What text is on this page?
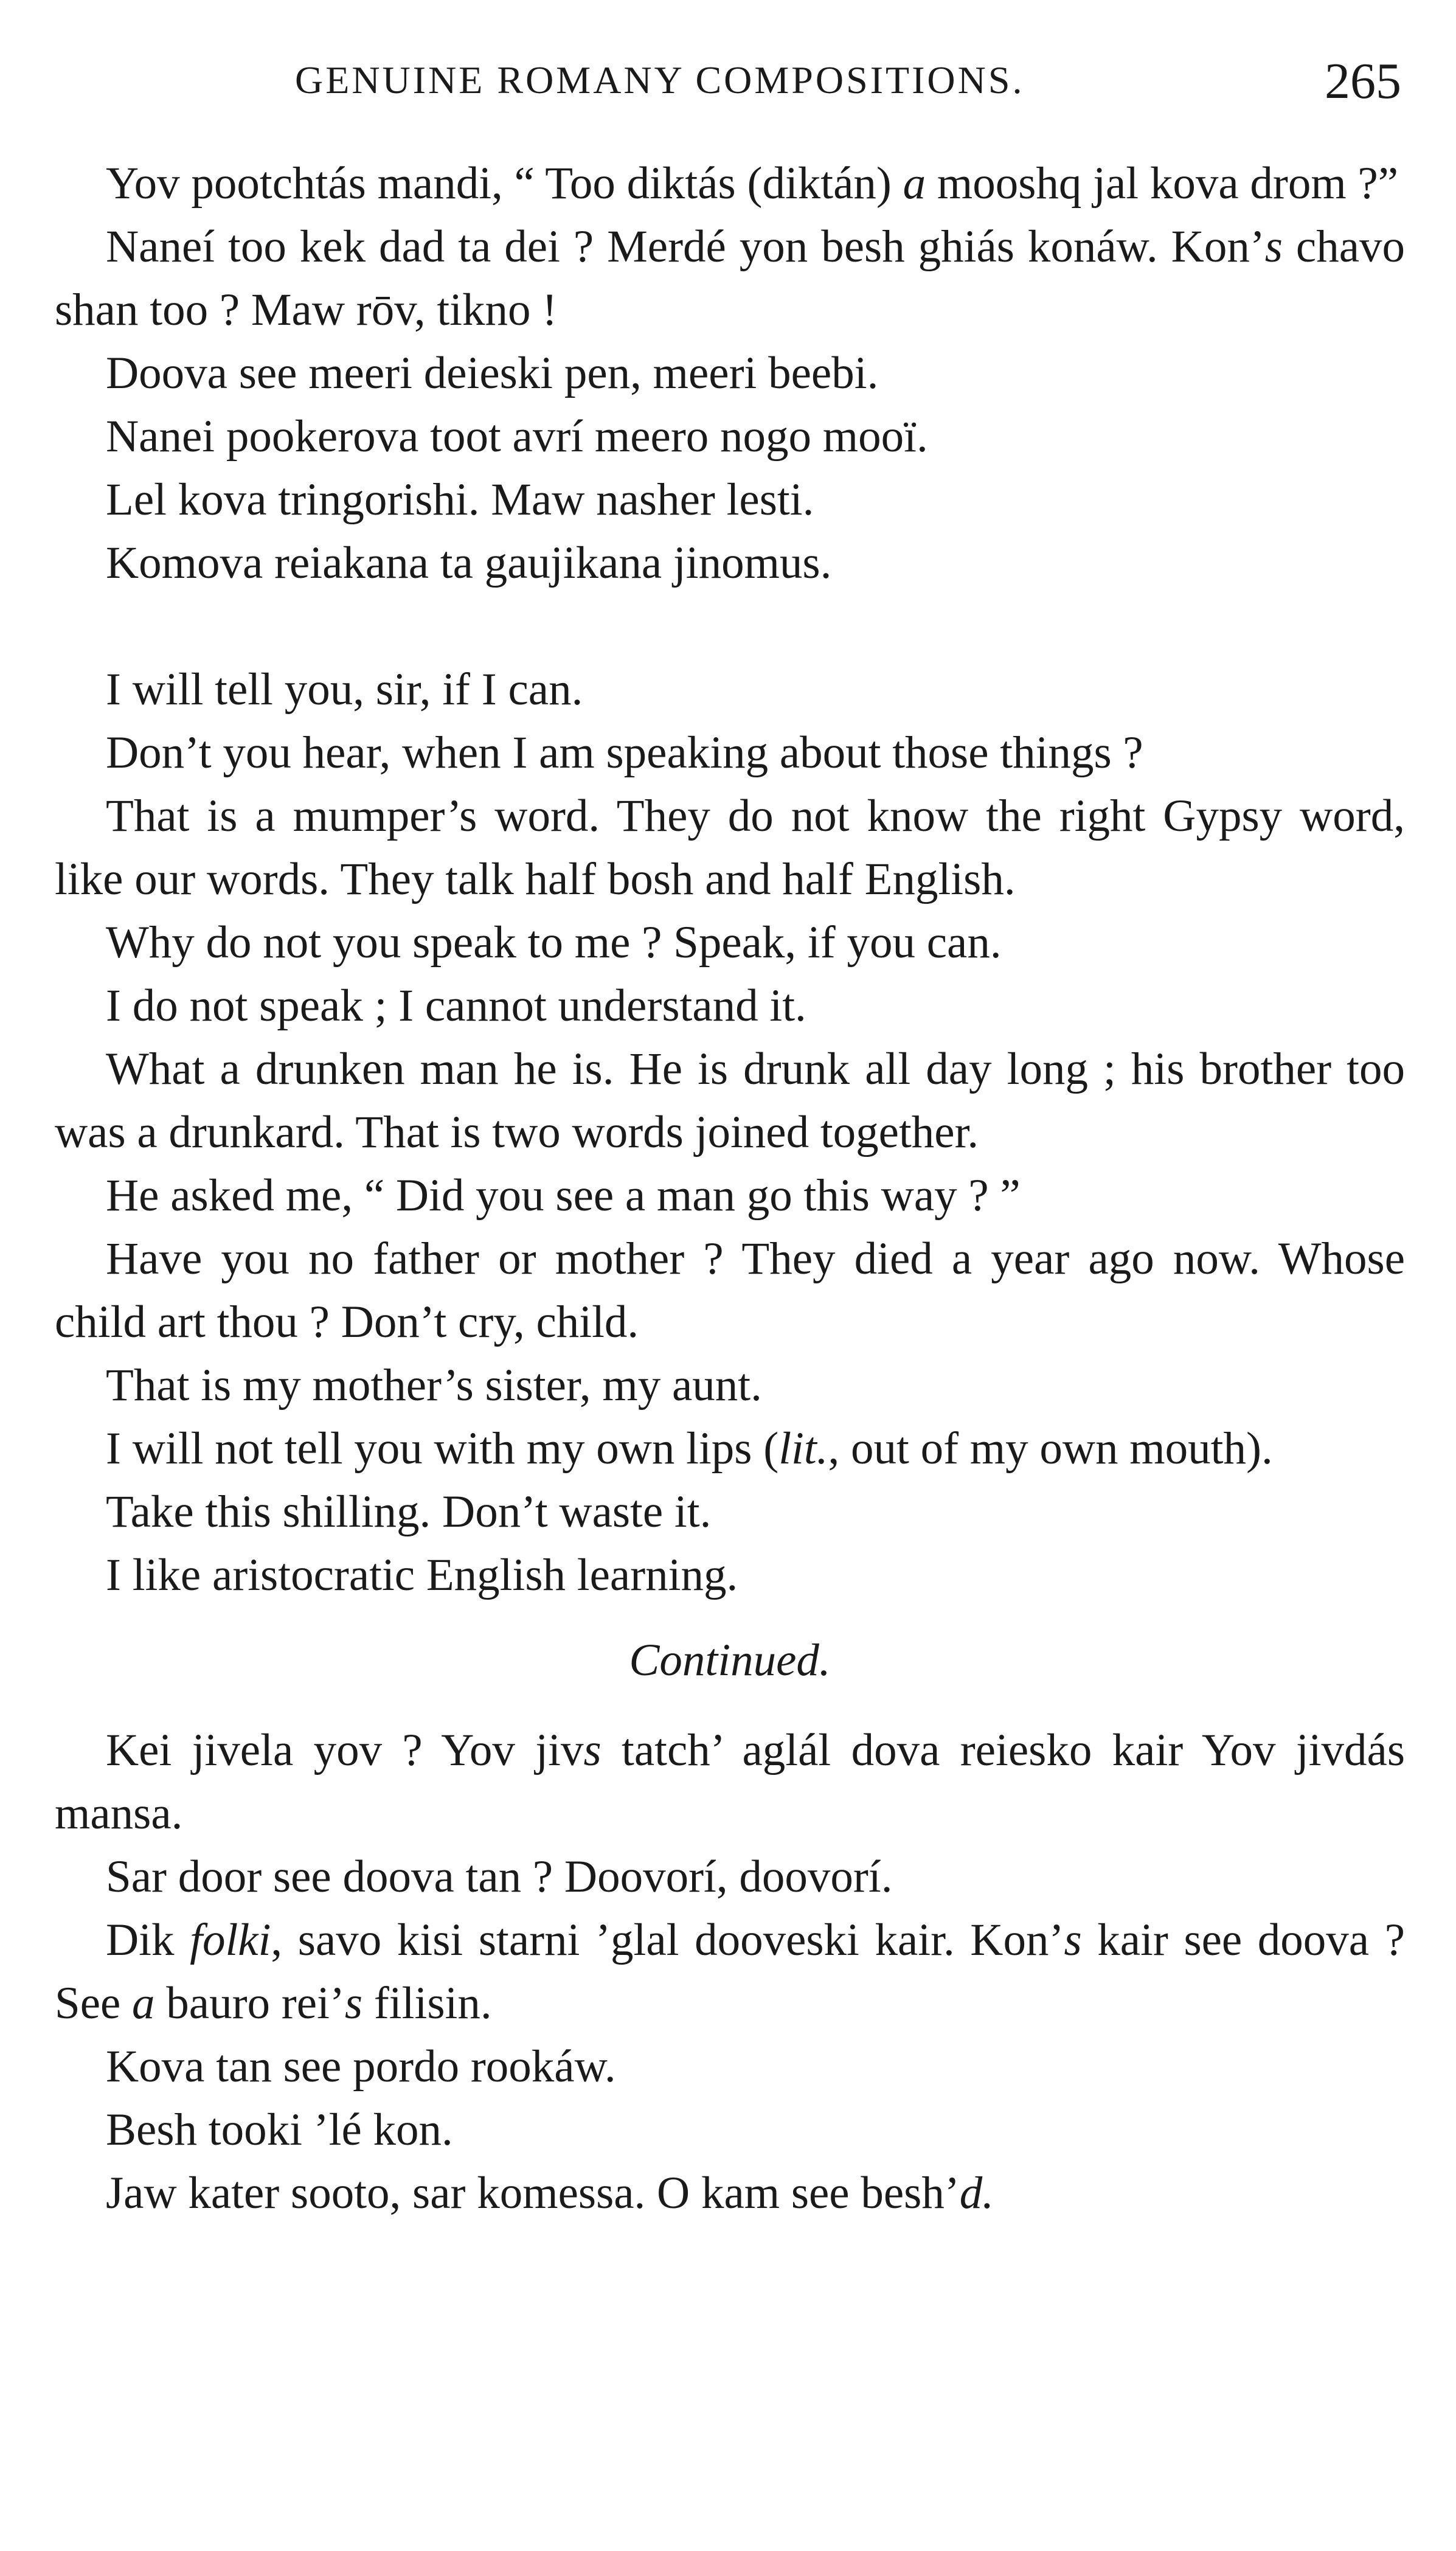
GENUINE ROMANY COMPOSITIONS.	265

Yov pootchtás mandi, “ Too diktás (diktán) a mooshq jal kova drom ?”

Naneí too kek dad ta dei ? Merdé yon besh ghiás konáw. Kon’s chavo shan too ? Maw rōv, tikno !

Doova see meeri deieski pen, meeri beebi.

Nanei pookerova toot avrí meero nogo mooï.

Lel kova tringorishi. Maw nasher lesti.

Komova reiakana ta gaujikana jinomus.

I will tell you, sir, if I can.

Don’t you hear, when I am speaking about those things ?

That is a mumper’s word. They do not know the right Gypsy word, like our words. They talk half bosh and half English.

Why do not you speak to me ? Speak, if you can.

I do not speak ; I cannot understand it.

What a drunken man he is. He is drunk all day long ; his brother too was a drunkard. That is two words joined together.

He asked me, “ Did you see a man go this way ? ”

Have you no father or mother ? They died a year ago now. Whose child art thou ? Don’t cry, child.

That is my mother’s sister, my aunt.

I will not tell you with my own lips (lit., out of my own mouth).

Take this shilling. Don’t waste it.

I like aristocratic English learning.

Continued.

Kei jivela yov ? Yov jivs tatch’ aglál dova reiesko kair Yov jivdás mansa.

Sar door see doova tan ? Doovorí, doovorí.

Dik folki, savo kisi starni ’glal dooveski kair. Kon’s kair see doova ? See a bauro rei’s filisin.

Kova tan see pordo rookáw.

Besh tooki ’lé kon.

Jaw kater sooto, sar komessa. O kam see besh’d.
